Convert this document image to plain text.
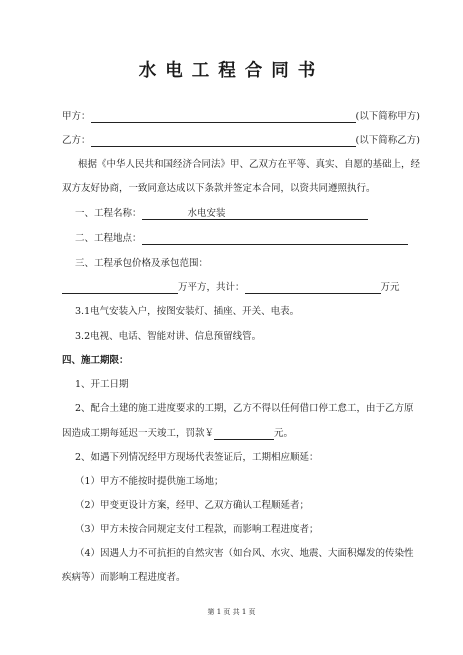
水电工程合同书
甲方：	(以下简称甲方)
乙方：	(以下简称乙方)
根据《中华人民共和国经济合同法》甲、乙双方在平等、真实、自愿的基础上，经
双方友好协商，一致同意达成以下条款并签定本合同，以资共同遵照执行。
一、工程名称：	水电安装
二、工程地点：
三、工程承包价格及承包范围：
万平方，共计：	万元
3.1电气安装入户，按图安装灯、插座、开关、电表。
3.2电视、电话、智能对讲、信息预留线管。
四、施工期限：
1、开工日期
2、配合土建的施工进度要求的工期，乙方不得以任何借口停工怠工，由于乙方原
因造成工期每延迟一天竣工，罚款￥	元。
2、如遇下列情况经甲方现场代表签证后，工期相应顺延：
（1）甲方不能按时提供施工场地；
（2）甲变更设计方案，经甲、乙双方确认工程顺延者；
（3）甲方未按合同规定支付工程款，而影响工程进度者；
（4）因遇人力不可抗拒的自然灾害（如台风、水灾、地震、大面积爆发的传染性
疾病等）而影响工程进度者。
第 1 页 共 1 页
